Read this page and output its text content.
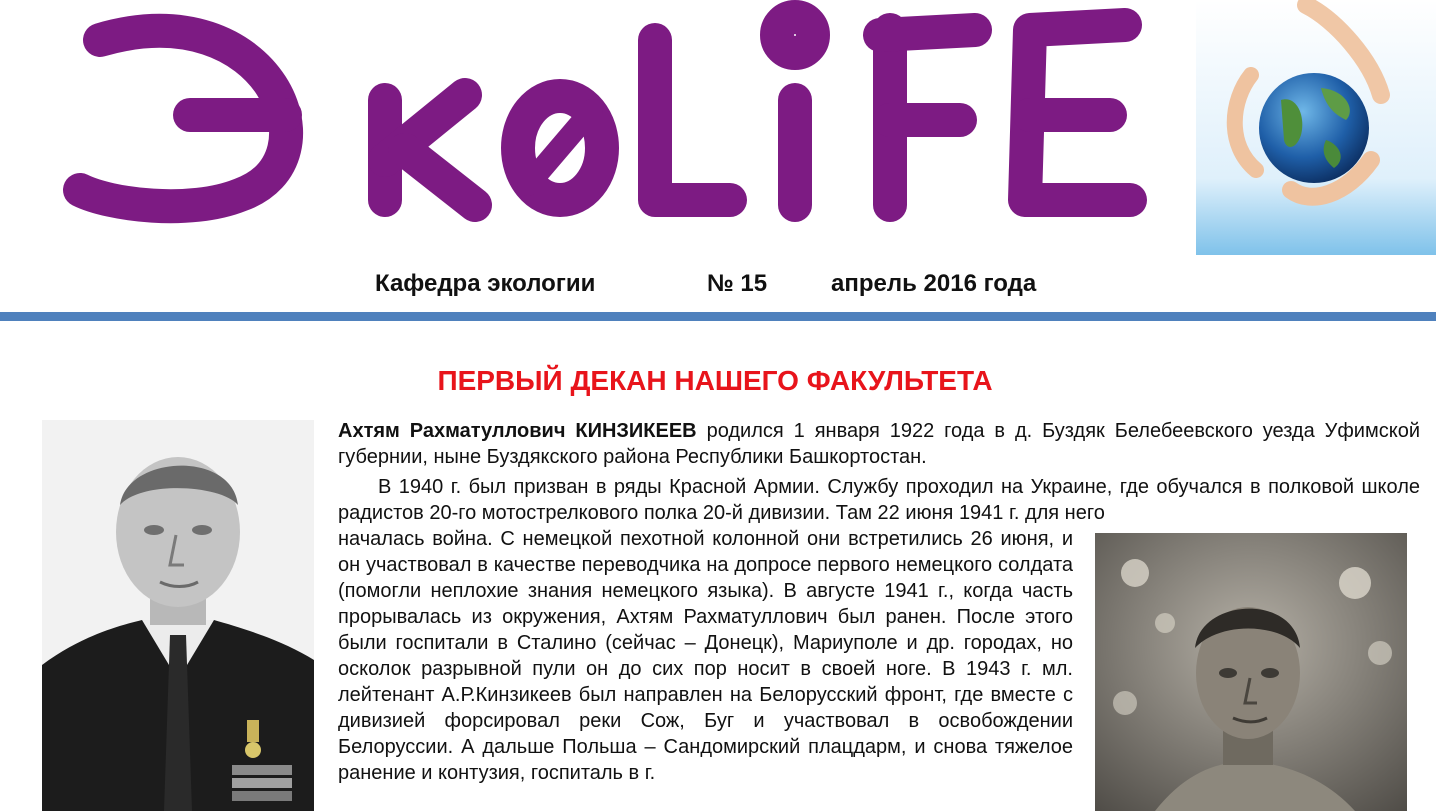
Кафедра экологии	№ 15	апрель 2016 года
ПЕРВЫЙ ДЕКАН НАШЕГО ФАКУЛЬТЕТА

Ахтям Рахматуллович КИНЗИКЕЕВ родился 1 января 1922 года в д. Буздяк Белебеевского уезда Уфимской губернии, ныне Буздякского района Республики Башкортостан.

В 1940 г. был призван в ряды Красной Армии. Службу проходил на Украине, где обучался в полковой школе радистов 20-го мотострелкового полка 20-й дивизии. Там 22 июня 1941 г. для него

началась война. С немецкой пехотной колонной они встретились 26 июня, и он участвовал в качестве переводчика на допросе первого немецкого солдата (помогли неплохие знания немецкого языка). В августе 1941 г., когда часть прорывалась из окружения, Ахтям Рахматуллович был ранен. После этого были госпитали в Сталино (сейчас – Донецк), Мариуполе и др. городах, но осколок разрывной пули он до сих пор носит в своей ноге. В 1943 г. мл. лейтенант А.Р.Кинзикеев был направлен на Белорусский фронт, где вместе с дивизией форсировал реки Сож, Буг и участвовал в освобождении Белоруссии. А дальше Польша – Сандомирский плацдарм, и снова тяжелое ранение и контузия, госпиталь в г.
